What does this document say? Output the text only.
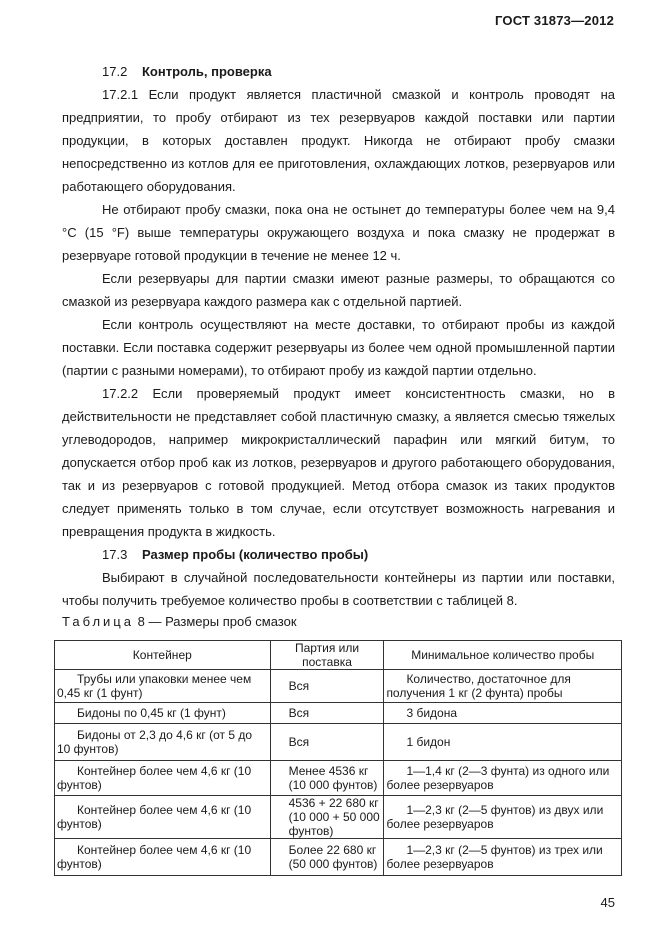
ГОСТ 31873—2012

17.2 Контроль, проверка

17.2.1 Если продукт является пластичной смазкой и контроль проводят на предприятии, то пробу отбирают из тех резервуаров каждой поставки или партии продукции, в которых доставлен продукт. Никогда не отбирают пробу смазки непосредственно из котлов для ее приготовления, охлаждающих лотков, резервуаров или работающего оборудования.

Не отбирают пробу смазки, пока она не остынет до температуры более чем на 9,4 °C (15 °F) выше температуры окружающего воздуха и пока смазку не продержат в резервуаре готовой продукции в течение не менее 12 ч.

Если резервуары для партии смазки имеют разные размеры, то обращаются со смазкой из резервуара каждого размера как с отдельной партией.

Если контроль осуществляют на месте доставки, то отбирают пробы из каждой поставки. Если поставка содержит резервуары из более чем одной промышленной партии (партии с разными номерами), то отбирают пробу из каждой партии отдельно.

17.2.2 Если проверяемый продукт имеет консистентность смазки, но в действительности не представляет собой пластичную смазку, а является смесью тяжелых углеводородов, например микрокристаллический парафин или мягкий битум, то допускается отбор проб как из лотков, резервуаров и другого работающего оборудования, так и из резервуаров с готовой продукцией. Метод отбора смазок из таких продуктов следует применять только в том случае, если отсутствует возможность нагревания и превращения продукта в жидкость.

17.3 Размер пробы (количество пробы)

Выбирают в случайной последовательности контейнеры из партии или поставки, чтобы получить требуемое количество пробы в соответствии с таблицей 8.

Таблица 8 — Размеры проб смазок

Контейнер	Партия или поставка	Минимальное количество пробы
Трубы или упаковки менее чем 0,45 кг (1 фунт)	Вся	Количество, достаточное для получения 1 кг (2 фунта) пробы
Бидоны по 0,45 кг (1 фунт)	Вся	3 бидона
Бидоны от 2,3 до 4,6 кг (от 5 до 10 фунтов)	Вся	1 бидон
Контейнер более чем 4,6 кг (10 фунтов)	Менее 4536 кг (10 000 фунтов)	1—1,4 кг (2—3 фунта) из одного или более резервуаров
Контейнер более чем 4,6 кг (10 фунтов)	4536 + 22 680 кг (10 000 + 50 000 фунтов)	1—2,3 кг (2—5 фунтов) из двух или более резервуаров
Контейнер более чем 4,6 кг (10 фунтов)	Более 22 680 кг (50 000 фунтов)	1—2,3 кг (2—5 фунтов) из трех или более резервуаров
45
